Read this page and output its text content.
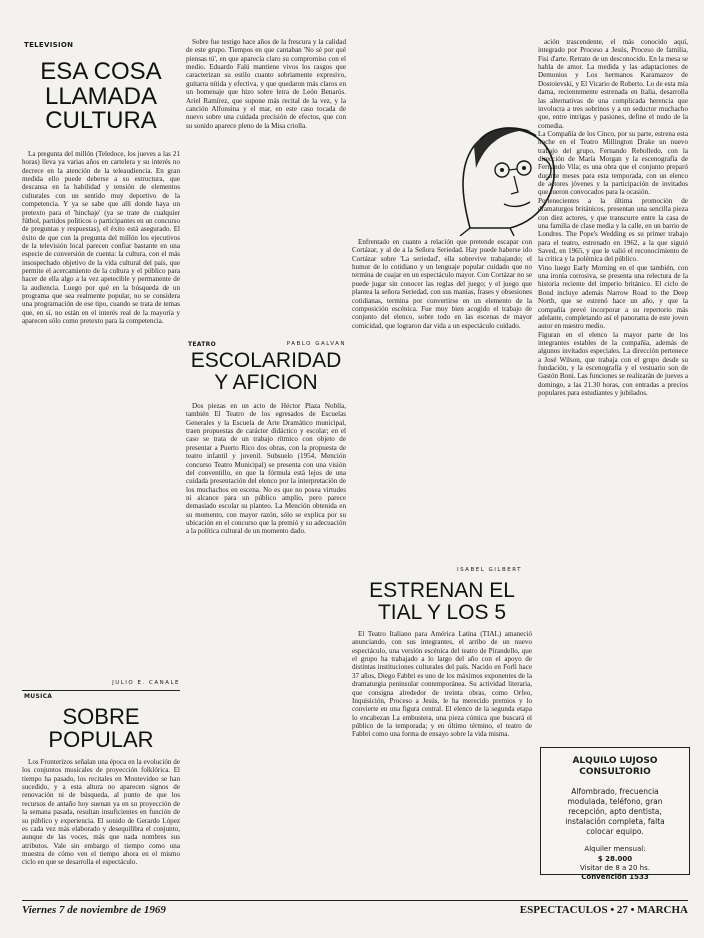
TELEVISION
ESA COSA
LLAMADA
CULTURA

La pregunta del millón (Teledoce, los jueves a las 21 horas) lleva ya varias años en cartelera y su interés no decrece en la atención de la teleaudiencia. En gran medida ello puede deberse a su estructura, que descansa en la habilidad y tensión de elementos culturales con un sentido muy deportivo de la competencia. Y ya se sabe que allí donde haya un pretexto para el 'hinchaje' (ya se trate de cualquier fútbol, partidos políticos o participantes en un concurso de preguntas y respuestas), el éxito está asegurado. El éxito de que con la pregunta del millón los ejecutivos de la televisión local parecen confiar bastante en una especie de conversión de cuenta: la cultura, con el más insospechado objetivo de la vida cultural del país, que permite el acercamiento de la cultura y el público para hacer de ella algo a la vez apetecible y permanente de la audiencia. Luego por qué en la búsqueda de un programa que sea realmente popular, no se considera una programación de ese tipo, cuando se trata de temas que, en sí, no están en el interés real de la mayoría y aparecen sólo como pretexto para la competencia.

JULIO E. CANALE
MUSICA
SOBRE
POPULAR

Los Fronterizos señalan una época en la evolución de los conjuntos musicales de proyección folklórica. El tiempo ha pasado, los recitales en Montevideo se han sucedido, y a esta altura no aparecen signos de renovación ni de búsqueda, al punto de que los recursos de antaño hoy suenan ya en su proyección de la semana pasada, resultan insuficientes en función de su público y experiencia. El sonido de Gerardo López es cada vez más elaborado y desequilibra el conjunto, aunque de las voces, más que nada nombres sus atributos. Vale sin embargo el tiempo como una muestra de cómo ven el tiempo ahora en el mismo ciclo en que se desarrolla el espectáculo.

Sobre fue testigo hace años de la frescura y la calidad de este grupo. Tiempos en que cantaban 'No sé por qué piensas tú', en que aparecía claro su compromiso con el medio. Eduardo Falú mantiene vivos los rasgos que caracterizan su estilo cuanto sobriamente expresivo, guitarra nítida y efectiva, y que quedaron más claros en un homenaje que hizo sobre letra de León Benarós. Ariel Ramírez, que supone más recital de la vez, y la canción Alfonsina y el mar, en este caso tocada de nuevo sobre una cuidada precisión de efectos, que con su sonido aparece pleno de la Misa criolla.

PABLO GALVAN
TEATRO
ESCOLARIDAD
Y AFICION

Dos piezas en un acto de Héctor Plaza Noblía, también El Teatro de los egresados de Escuelas Generales y la Escuela de Arte Dramático municipal, traen propuestas de carácter didáctico y escolar; en el caso se trata de un trabajo rítmico con objeto de presentar a Puerto Rico dos obras, con la propuesta de teatro infantil y juvenil. Subsuelo (1954, Mención concurso Teatro Municipal) se presenta con una visión del conventillo, en que la fórmula está lejos de una cuidada presentación del elenco por la interpretación de los muchachos en escena. No es que no posea virtudes ni alcance para un público amplio, pero parece demasiado escolar su planteo. La Mención obtenida en su momento, con mayor razón, sólo se explica por su ubicación en el concurso que la premió y su adecuación a la política cultural de un momento dado.

Enfrentado en cuanto a relación que pretende escapar con Cortázar, y al de a la Señora Seriedad. Hay puede haberse ido Cortázar sobre 'La seriedad', ella sobrevive trabajando; el humor de lo cotidiano y un lenguaje popular cuidado que no termina de cuajar en un espectáculo mayor. Con Cortázar no se puede jugar sin conocer las reglas del juego; y el juego que plantea la señora Seriedad, con sus manías, frases y obsesiones cotidianas, termina por convertirse en un elemento de la composición escénica. Fue muy bien acogido el trabajo de conjunto del elenco, sobre todo en las escenas de mayor comicidad, que lograron dar vida a un espectáculo cuidado.

ISABEL GILBERT
ESTRENAN EL
TIAL Y LOS 5

El Teatro Italiano para América Latina (TIAL) amaneció anunciando, con sus integrantes, el arribo de un nuevo espectáculo, una versión escénica del teatro de Pirandello, que el grupo ha trabajado a lo largo del año con el apoyo de distintas instituciones culturales del país. Nacido en Forlì hace 37 años, Diego Fabbri es uno de los máximos exponentes de la dramaturgia peninsular contemporánea. Su actividad literaria, que consigna alrededor de treinta obras, como Orfeo, Inquisición, Proceso a Jesús, le ha merecido premios y lo convierte en una figura central. El elenco de la segunda etapa lo encabezan La embustera, una pieza cómica que buscará el público de la temporada; y en último término, el teatro de Fabbri como una forma de ensayo sobre la vida misma.

ación trascendente, el más conocido aquí, integrado por Proceso a Jesús, Proceso de familia, Fisi d'arte. Retrato de un desconocido. En la mesa se habla de amor. La medida y las adaptaciones de Demonios y Los hermanos Karamazov de Dostoievski, y El Vicario de Roberto. Lo de esta mía dama, recientemente estrenada en Italia, desarrolla las alternativas de una complicada herencia que involucra a tres sobrinos y a un seductor muchacho que, entre intrigas y pasiones, define el nudo de la comedia.
La Compañía de los Cinco, por su parte, estrena esta noche en el Teatro Millington Drake un nuevo trabajo del grupo, Fernando Rebolledo, con la dirección de María Morgan y la escenografía de Fernando Vila; es una obra que el conjunto preparó durante meses para esta temporada, con un elenco de actores jóvenes y la participación de invitados que fueron convocados para la ocasión.
Pertenecientes a la última promoción de dramaturgos británicos, presentan una sencilla pieza con diez actores, y que transcurre entre la casa de una familia de clase media y la calle, en un barrio de Londres. The Pope's Wedding es su primer trabajo para el teatro, estrenado en 1962, a la que siguió Saved, en 1965, y que le valió el reconocimiento de la crítica y la polémica del público.
Vino luego Early Morning en el que también, con una ironía corrosiva, se presenta una relectura de la historia reciente del imperio británico. El ciclo de Bond incluye además Narrow Road to the Deep North, que se estrenó hace un año, y que la compañía prevé incorporar a su repertorio más adelante, completando así el panorama de este joven autor en nuestro medio.
Figuran en el elenco la mayor parte de los integrantes estables de la compañía, además de algunos invitados especiales. La dirección pertenece a José Wilson, que trabaja con el grupo desde su fundación, y la escenografía y el vestuario son de Gastón Boni. Las funciones se realizarán de jueves a domingo, a las 21.30 horas, con entradas a precios populares para estudiantes y jubilados.

ALQUILO LUJOSO
CONSULTORIO
Alfombrado, frecuencia modulada, teléfono, gran recepción, apto dentista, instalación completa, falta colocar equipo.
Alquiler mensual:
$ 28.000
Visitar de 8 a 20 hs.
Convención 1533
Viernes 7 de noviembre de 1969	ESPECTACULOS • 27 • MARCHA
